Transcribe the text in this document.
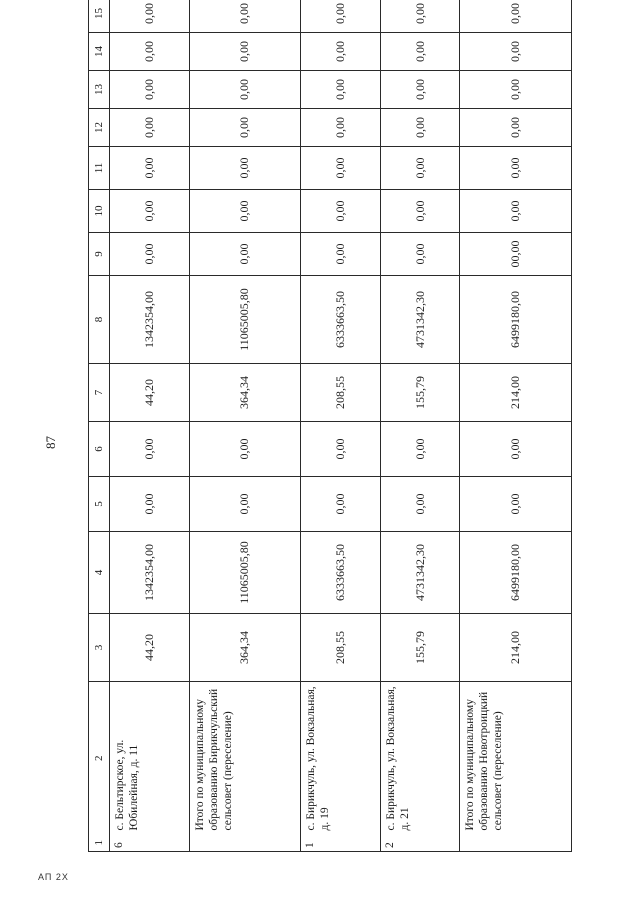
87
АП 2Х
1	2	3	4	5	6	7	8	9	10	11	12	13	14	15	
6	с. Бельтирское, ул. Юбилейная, д. 11	44,20	1342354,00	0,00	0,00	44,20	1342354,00	0,00	0,00	0,00	0,00	0,00	0,00	0,00	
	Итого по муниципальному образованию Бирикчульский сельсовет (переселение)	364,34	11065005,80	0,00	0,00	364,34	11065005,80	0,00	0,00	0,00	0,00	0,00	0,00	0,00	
1	с. Бирикчуль, ул. Вокзальная, д. 19	208,55	6333663,50	0,00	0,00	208,55	6333663,50	0,00	0,00	0,00	0,00	0,00	0,00	0,00	
2	с. Бирикчуль, ул. Вокзальная, д. 21	155,79	4731342,30	0,00	0,00	155,79	4731342,30	0,00	0,00	0,00	0,00	0,00	0,00	0,00	
	Итого по муниципальному образованию Новотроицкий сельсовет (переселение)	214,00	6499180,00	0,00	0,00	214,00	6499180,00	00,00	0,00	0,00	0,00	0,00	0,00	0,00	
